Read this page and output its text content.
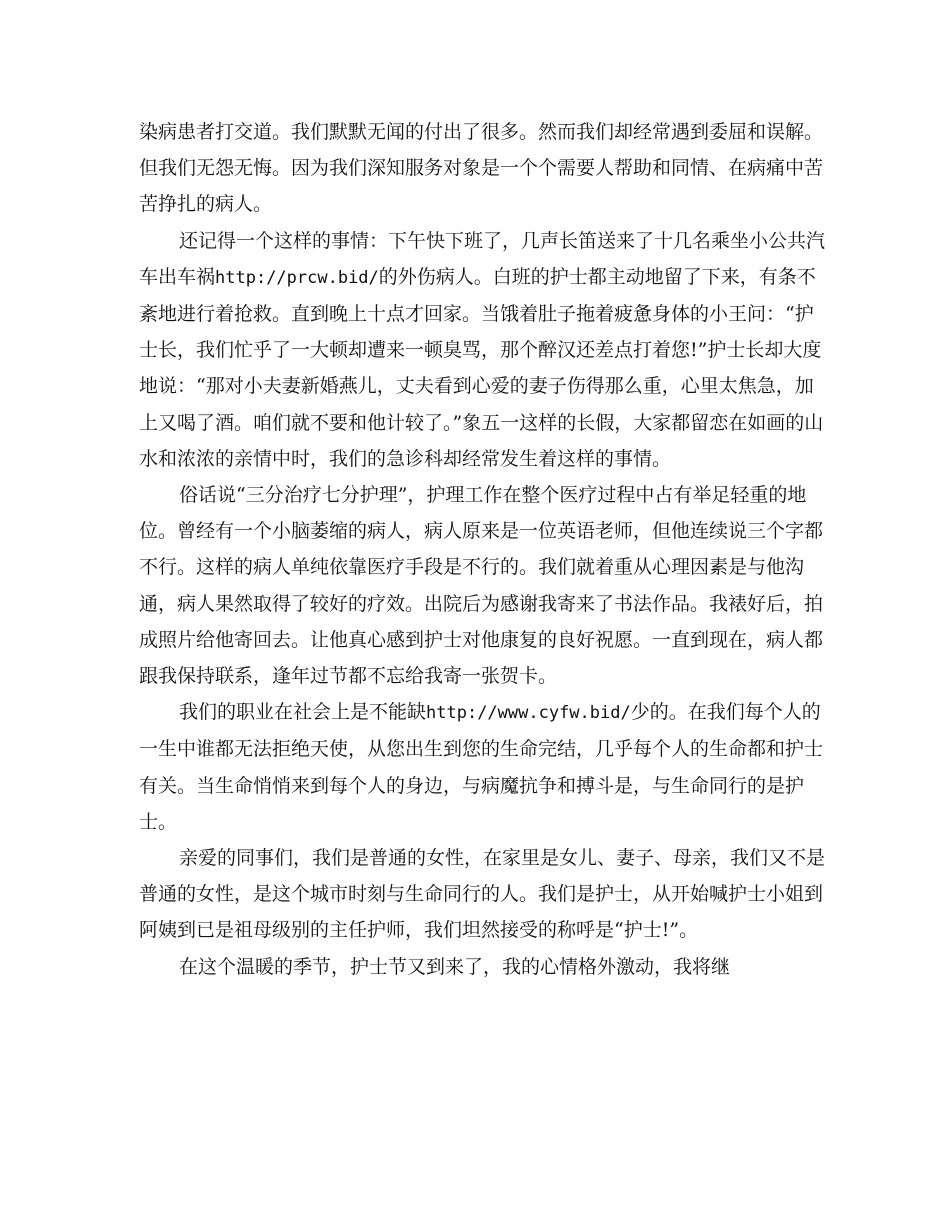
染病患者打交道。我们默默无闻的付出了很多。然而我们却经常遇到委屈和误解。但我们无怨无悔。因为我们深知服务对象是一个个需要人帮助和同情、在病痛中苦苦挣扎的病人。

还记得一个这样的事情：下午快下班了，几声长笛送来了十几名乘坐小公共汽车出车祸http://prcw.bid/的外伤病人。白班的护士都主动地留了下来，有条不紊地进行着抢救。直到晚上十点才回家。当饿着肚子拖着疲惫身体的小王问：“护士长，我们忙乎了一大顿却遭来一顿臭骂，那个醉汉还差点打着您!”护士长却大度地说：“那对小夫妻新婚燕儿，丈夫看到心爱的妻子伤得那么重，心里太焦急，加上又喝了酒。咱们就不要和他计较了。”象五一这样的长假，大家都留恋在如画的山水和浓浓的亲情中时，我们的急诊科却经常发生着这样的事情。

俗话说“三分治疗七分护理”，护理工作在整个医疗过程中占有举足轻重的地位。曾经有一个小脑萎缩的病人，病人原来是一位英语老师，但他连续说三个字都不行。这样的病人单纯依靠医疗手段是不行的。我们就着重从心理因素是与他沟通，病人果然取得了较好的疗效。出院后为感谢我寄来了书法作品。我裱好后，拍成照片给他寄回去。让他真心感到护士对他康复的良好祝愿。一直到现在，病人都跟我保持联系，逢年过节都不忘给我寄一张贺卡。

我们的职业在社会上是不能缺http://www.cyfw.bid/少的。在我们每个人的一生中谁都无法拒绝天使，从您出生到您的生命完结，几乎每个人的生命都和护士有关。当生命悄悄来到每个人的身边，与病魔抗争和搏斗是，与生命同行的是护士。

亲爱的同事们，我们是普通的女性，在家里是女儿、妻子、母亲，我们又不是普通的女性，是这个城市时刻与生命同行的人。我们是护士，从开始喊护士小姐到阿姨到已是祖母级别的主任护师，我们坦然接受的称呼是“护士!”。

在这个温暖的季节，护士节又到来了，我的心情格外激动，我将继
